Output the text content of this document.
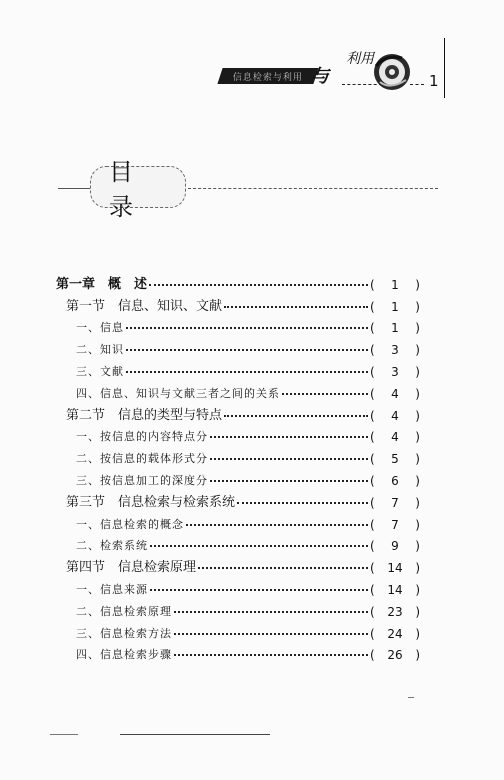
信息检索与利用 与
利用
1
目录
第一章　概　述	( 1 )
第一节　信息、知识、文献	( 1 )
一、信息	( 1 )
二、知识	( 3 )
三、文献	( 3 )
四、信息、知识与文献三者之间的关系	( 4 )
第二节　信息的类型与特点	( 4 )
一、按信息的内容特点分	( 4 )
二、按信息的载体形式分	( 5 )
三、按信息加工的深度分	( 6 )
第三节　信息检索与检索系统	( 7 )
一、信息检索的概念	( 7 )
二、检索系统	( 9 )
第四节　信息检索原理	( 14 )
一、信息来源	( 14 )
二、信息检索原理	( 23 )
三、信息检索方法	( 24 )
四、信息检索步骤	( 26 )
